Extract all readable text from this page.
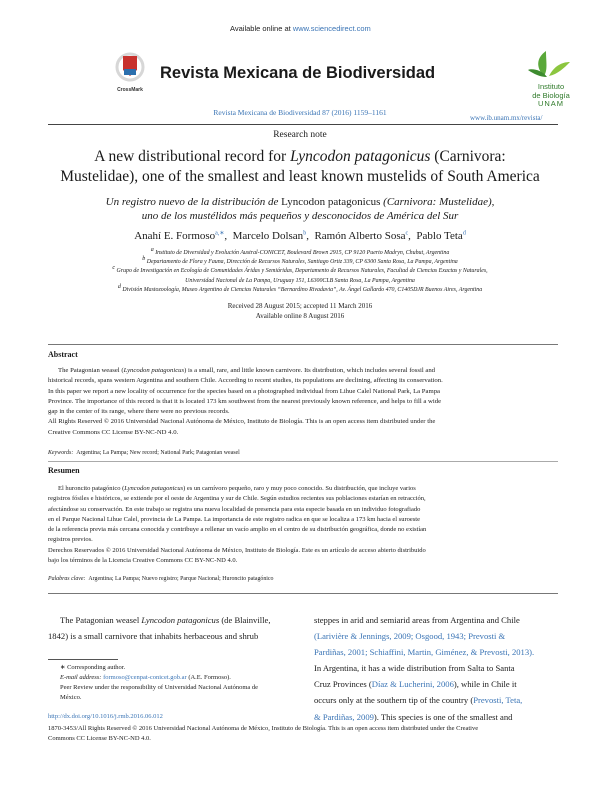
Available online at www.sciencedirect.com
CrossMark
Revista Mexicana de Biodiversidad
Instituto
de Biología
UNAM
Revista Mexicana de Biodiversidad 87 (2016) 1159–1161
www.ib.unam.mx/revista/
Research note
A new distributional record for Lyncodon patagonicus (Carnivora:
Mustelidae), one of the smallest and least known mustelids of South America
Un registro nuevo de la distribución de Lyncodon patagonicus (Carnivora: Mustelidae),
uno de los mustélidos más pequeños y desconocidos de América del Sur
Anahí E. Formoso$^{a,∗}$,  Marcelo Dolsan$^b$,  Ramón Alberto Sosa$^c$,  Pablo Teta$^d$
$^a$ Instituto de Diversidad y Evolución Austral-CONICET, Boulevard Brown 2915, CP 9120 Puerto Madryn, Chubut, Argentina
$^b$ Departamento de Flora y Fauna, Dirección de Recursos Naturales, Santiago Ortiz 339, CP 6300 Santa Rosa, La Pampa, Argentina
$^c$ Grupo de Investigación en Ecología de Comunidades Áridas y Semiáridas, Departamento de Recursos Naturales, Facultad de Ciencias Exactas y Naturales,
Universidad Nacional de La Pampa, Uruguay 151, L6300CLB Santa Rosa, La Pampa, Argentina
$^d$ División Mastozoología, Museo Argentino de Ciencias Naturales “Bernardino Rivadavia”, Av. Ángel Gallardo 470, C1405DJR Buenos Aires, Argentina
Received 28 August 2015; accepted 11 March 2016
Available online 8 August 2016
Abstract
The Patagonian weasel (Lyncodon patagonicus) is a small, rare, and little known carnivore. Its distribution, which includes several fossil and
historical records, spans western Argentina and southern Chile. According to recent studies, its populations are declining, affecting its conservation.
In this paper we report a new locality of occurrence for the species based on a photographed individual from Lihue Calel National Park, La Pampa
Province. The importance of this record is that it is located 173 km southwest from the nearest previously known reference, and helps to fill a wide
gap in the center of its range, where there were no previous records.
All Rights Reserved © 2016 Universidad Nacional Autónoma de México, Instituto de Biología. This is an open access item distributed under the
Creative Commons CC License BY-NC-ND 4.0.
Keywords: Argentina; La Pampa; New record; National Park; Patagonian weasel
Resumen
El huroncito patagónico (Lyncodon patagonicus) es un carnívoro pequeño, raro y muy poco conocido. Su distribución, que incluye varios
registros fósiles e históricos, se extiende por el oeste de Argentina y sur de Chile. Según estudios recientes sus poblaciones estarían en retracción,
afectándose su conservación. En este trabajo se registra una nueva localidad de presencia para esta especie basada en un individuo fotografiado
en el Parque Nacional Lihue Calel, provincia de La Pampa. La importancia de este registro radica en que se localiza a 173 km hacia el suroeste
de la referencia previa más cercana conocida y contribuye a rellenar un vacío amplio en el centro de su distribución geográfica, donde no existían
registros previos.
Derechos Reservados © 2016 Universidad Nacional Autónoma de México, Instituto de Biología. Este es un artículo de acceso abierto distribuido
bajo los términos de la Licencia Creative Commons CC BY-NC-ND 4.0.
Palabras clave: Argentina; La Pampa; Nuevo registro; Parque Nacional; Huroncito patagónico
The Patagonian weasel Lyncodon patagonicus (de Blainville,
1842) is a small carnivore that inhabits herbaceous and shrub
steppes in arid and semiarid areas from Argentina and Chile
(Larivière & Jennings, 2009; Osgood, 1943; Prevosti &
Pardiñas, 2001; Schiaffini, Martin, Giménez, & Prevosti, 2013).
In Argentina, it has a wide distribution from Salta to Santa
Cruz Provinces (Díaz & Lucherini, 2006), while in Chile it
occurs only at the southern tip of the country (Prevosti, Teta,
& Pardiñas, 2009). This species is one of the smallest and
∗ Corresponding author.
E-mail address: formoso@cenpat-conicet.gob.ar (A.E. Formoso).
Peer Review under the responsibility of Universidad Nacional Autónoma de
México.
http://dx.doi.org/10.1016/j.rmb.2016.06.012
1870-3453/All Rights Reserved © 2016 Universidad Nacional Autónoma de México, Instituto de Biología. This is an open access item distributed under the Creative
Commons CC License BY-NC-ND 4.0.
